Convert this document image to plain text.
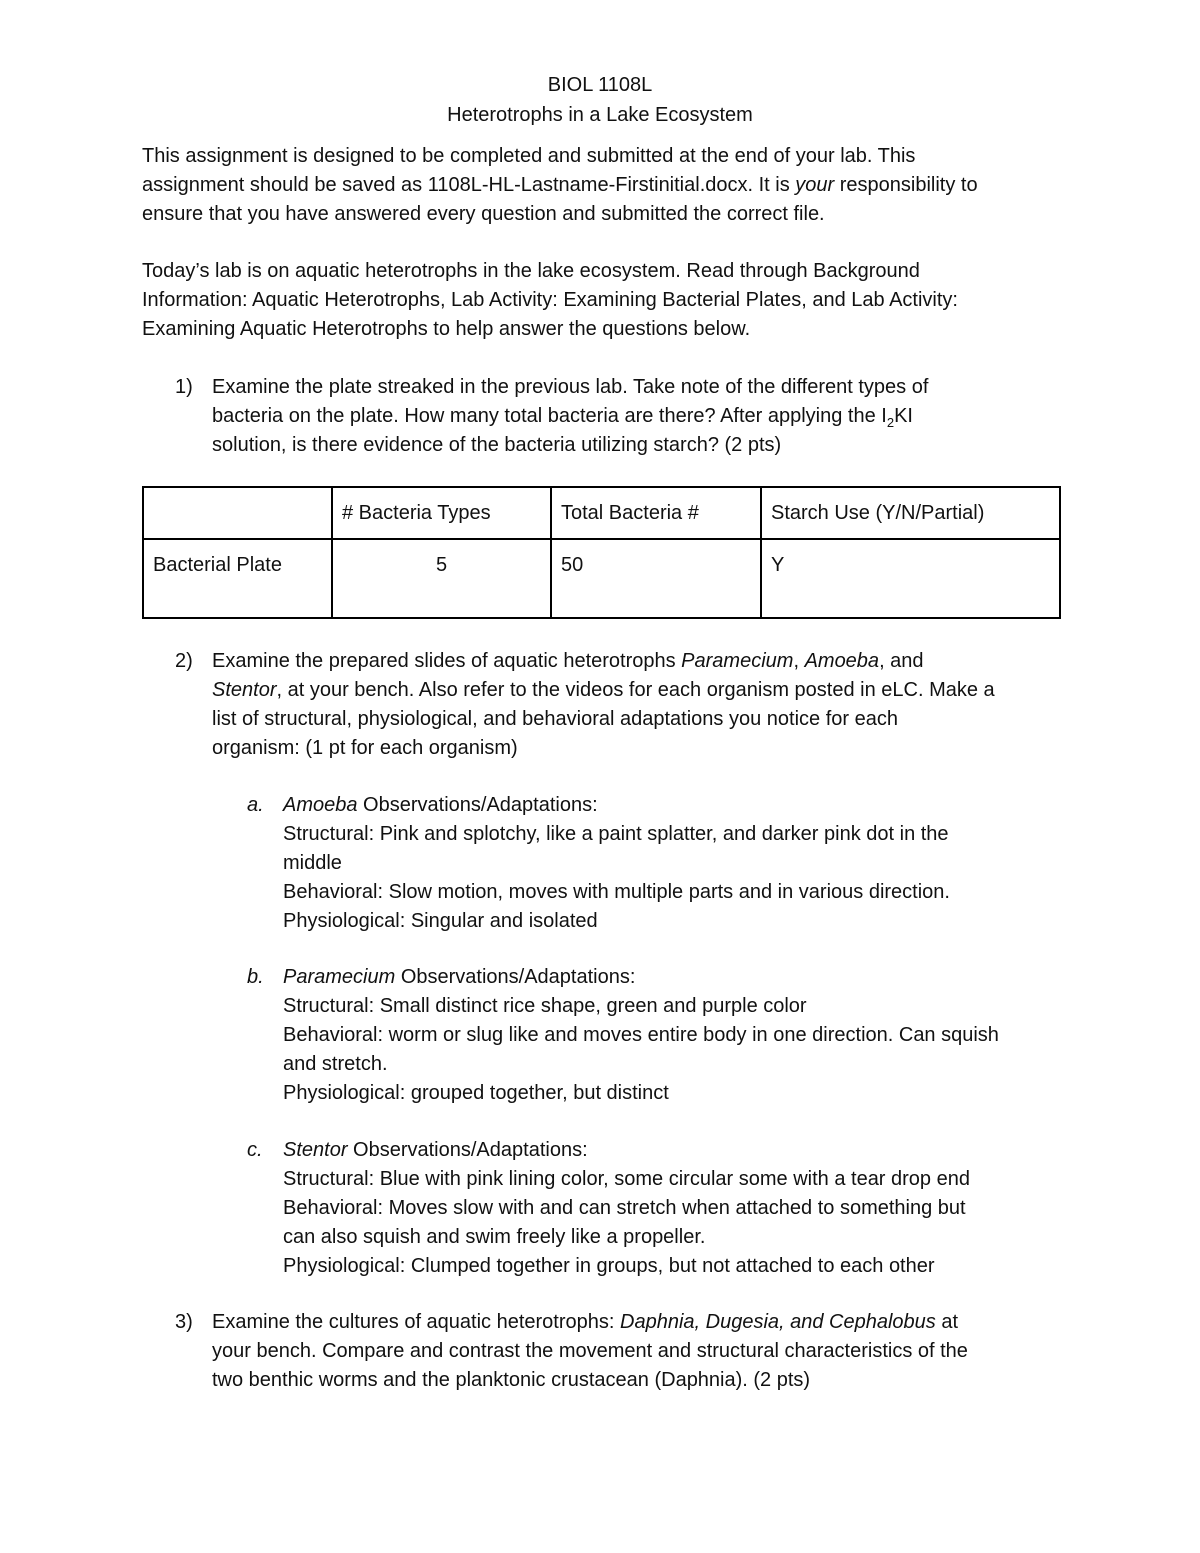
BIOL 1108L
Heterotrophs in a Lake Ecosystem
This assignment is designed to be completed and submitted at the end of your lab. This
assignment should be saved as 1108L-HL-Lastname-Firstinitial.docx. It is your responsibility to
ensure that you have answered every question and submitted the correct file.
Today’s lab is on aquatic heterotrophs in the lake ecosystem. Read through Background
Information: Aquatic Heterotrophs, Lab Activity: Examining Bacterial Plates, and Lab Activity:
Examining Aquatic Heterotrophs to help answer the questions below.
1) Examine the plate streaked in the previous lab. Take note of the different types of
bacteria on the plate. How many total bacteria are there? After applying the $I_2KI$
solution, is there evidence of the bacteria utilizing starch? (2 pts)
	# Bacteria Types	Total Bacteria #	Starch Use (Y/N/Partial)
Bacterial Plate	5	50	Y
2) Examine the prepared slides of aquatic heterotrophs Paramecium, Amoeba, and
Stentor, at your bench. Also refer to the videos for each organism posted in eLC. Make a
list of structural, physiological, and behavioral adaptations you notice for each
organism: (1 pt for each organism)
a. Amoeba Observations/Adaptations:
Structural: Pink and splotchy, like a paint splatter, and darker pink dot in the
middle
Behavioral: Slow motion, moves with multiple parts and in various direction.
Physiological: Singular and isolated
b. Paramecium Observations/Adaptations:
Structural: Small distinct rice shape, green and purple color
Behavioral: worm or slug like and moves entire body in one direction. Can squish
and stretch.
Physiological: grouped together, but distinct
c. Stentor Observations/Adaptations:
Structural: Blue with pink lining color, some circular some with a tear drop end
Behavioral: Moves slow with and can stretch when attached to something but
can also squish and swim freely like a propeller.
Physiological: Clumped together in groups, but not attached to each other
3) Examine the cultures of aquatic heterotrophs: Daphnia, Dugesia, and Cephalobus at
your bench. Compare and contrast the movement and structural characteristics of the
two benthic worms and the planktonic crustacean (Daphnia). (2 pts)
